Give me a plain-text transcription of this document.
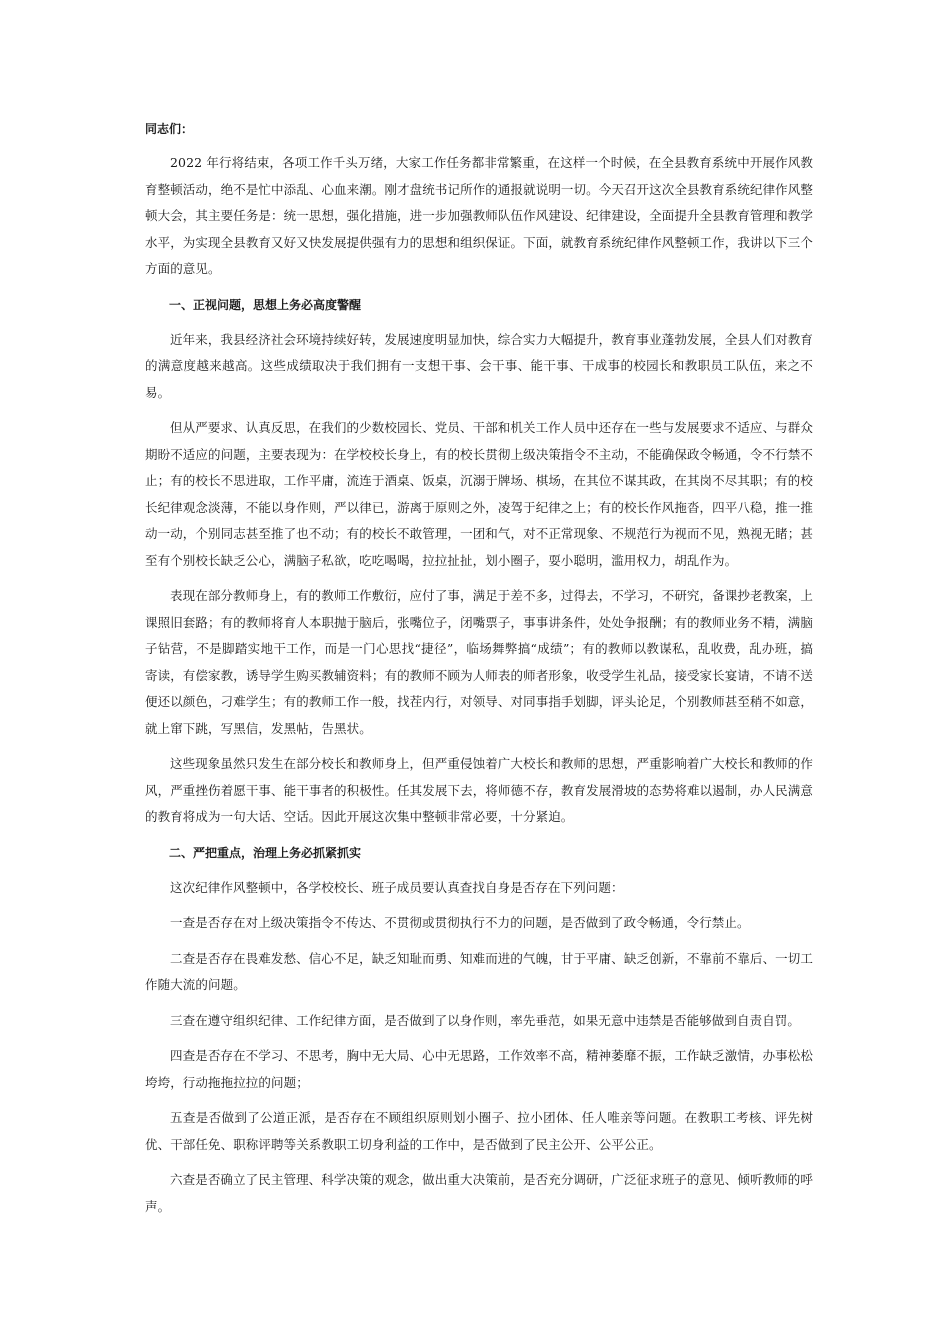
同志们：

2022 年行将结束，各项工作千头万绪，大家工作任务都非常繁重，在这样一个时候，在全县教育系统中开展作风教育整顿活动，绝不是忙中添乱、心血来潮。刚才盘统书记所作的通报就说明一切。今天召开这次全县教育系统纪律作风整顿大会，其主要任务是：统一思想，强化措施，进一步加强教师队伍作风建设、纪律建设，全面提升全县教育管理和教学水平，为实现全县教育又好又快发展提供强有力的思想和组织保证。下面，就教育系统纪律作风整顿工作，我讲以下三个方面的意见。

一、正视问题，思想上务必高度警醒

近年来，我县经济社会环境持续好转，发展速度明显加快，综合实力大幅提升，教育事业蓬勃发展，全县人们对教育的满意度越来越高。这些成绩取决于我们拥有一支想干事、会干事、能干事、干成事的校园长和教职员工队伍，来之不易。

但从严要求、认真反思，在我们的少数校园长、党员、干部和机关工作人员中还存在一些与发展要求不适应、与群众期盼不适应的问题，主要表现为：在学校校长身上，有的校长贯彻上级决策指令不主动，不能确保政令畅通，令不行禁不止；有的校长不思进取，工作平庸，流连于酒桌、饭桌，沉溺于牌场、棋场，在其位不谋其政，在其岗不尽其职；有的校长纪律观念淡薄，不能以身作则，严以律已，游离于原则之外，凌驾于纪律之上；有的校长作风拖沓，四平八稳，推一推动一动，个别同志甚至推了也不动；有的校长不敢管理，一团和气，对不正常现象、不规范行为视而不见，熟视无睹；甚至有个别校长缺乏公心，满脑子私欲，吃吃喝喝，拉拉扯扯，划小圈子，耍小聪明，滥用权力，胡乱作为。

表现在部分教师身上，有的教师工作敷衍，应付了事，满足于差不多，过得去，不学习，不研究，备课抄老教案，上课照旧套路；有的教师将育人本职抛于脑后，张嘴位子，闭嘴票子，事事讲条件，处处争报酬；有的教师业务不精，满脑子钻营，不是脚踏实地干工作，而是一门心思找“捷径”，临场舞弊搞“成绩”；有的教师以教谋私，乱收费，乱办班，搞寄读，有偿家教，诱导学生购买教辅资料；有的教师不顾为人师表的师者形象，收受学生礼品，接受家长宴请，不请不送便还以颜色，刁难学生；有的教师工作一般，找茬内行，对领导、对同事指手划脚，评头论足，个别教师甚至稍不如意，就上窜下跳，写黑信，发黑帖，告黑状。

这些现象虽然只发生在部分校长和教师身上，但严重侵蚀着广大校长和教师的思想，严重影响着广大校长和教师的作风，严重挫伤着愿干事、能干事者的积极性。任其发展下去，将师德不存，教育发展滑坡的态势将难以遏制，办人民满意的教育将成为一句大话、空话。因此开展这次集中整顿非常必要，十分紧迫。

二、严把重点，治理上务必抓紧抓实

这次纪律作风整顿中，各学校校长、班子成员要认真查找自身是否存在下列问题：

一查是否存在对上级决策指令不传达、不贯彻或贯彻执行不力的问题，是否做到了政令畅通，令行禁止。

二查是否存在畏难发愁、信心不足，缺乏知耻而勇、知难而进的气魄，甘于平庸、缺乏创新，不靠前不靠后、一切工作随大流的问题。

三查在遵守组织纪律、工作纪律方面，是否做到了以身作则，率先垂范，如果无意中违禁是否能够做到自责自罚。

四查是否存在不学习、不思考，胸中无大局、心中无思路，工作效率不高，精神萎靡不振，工作缺乏激情，办事松松垮垮，行动拖拖拉拉的问题；

五查是否做到了公道正派，是否存在不顾组织原则划小圈子、拉小团体、任人唯亲等问题。在教职工考核、评先树优、干部任免、职称评聘等关系教职工切身利益的工作中，是否做到了民主公开、公平公正。

六查是否确立了民主管理、科学决策的观念，做出重大决策前，是否充分调研，广泛征求班子的意见、倾听教师的呼声。
